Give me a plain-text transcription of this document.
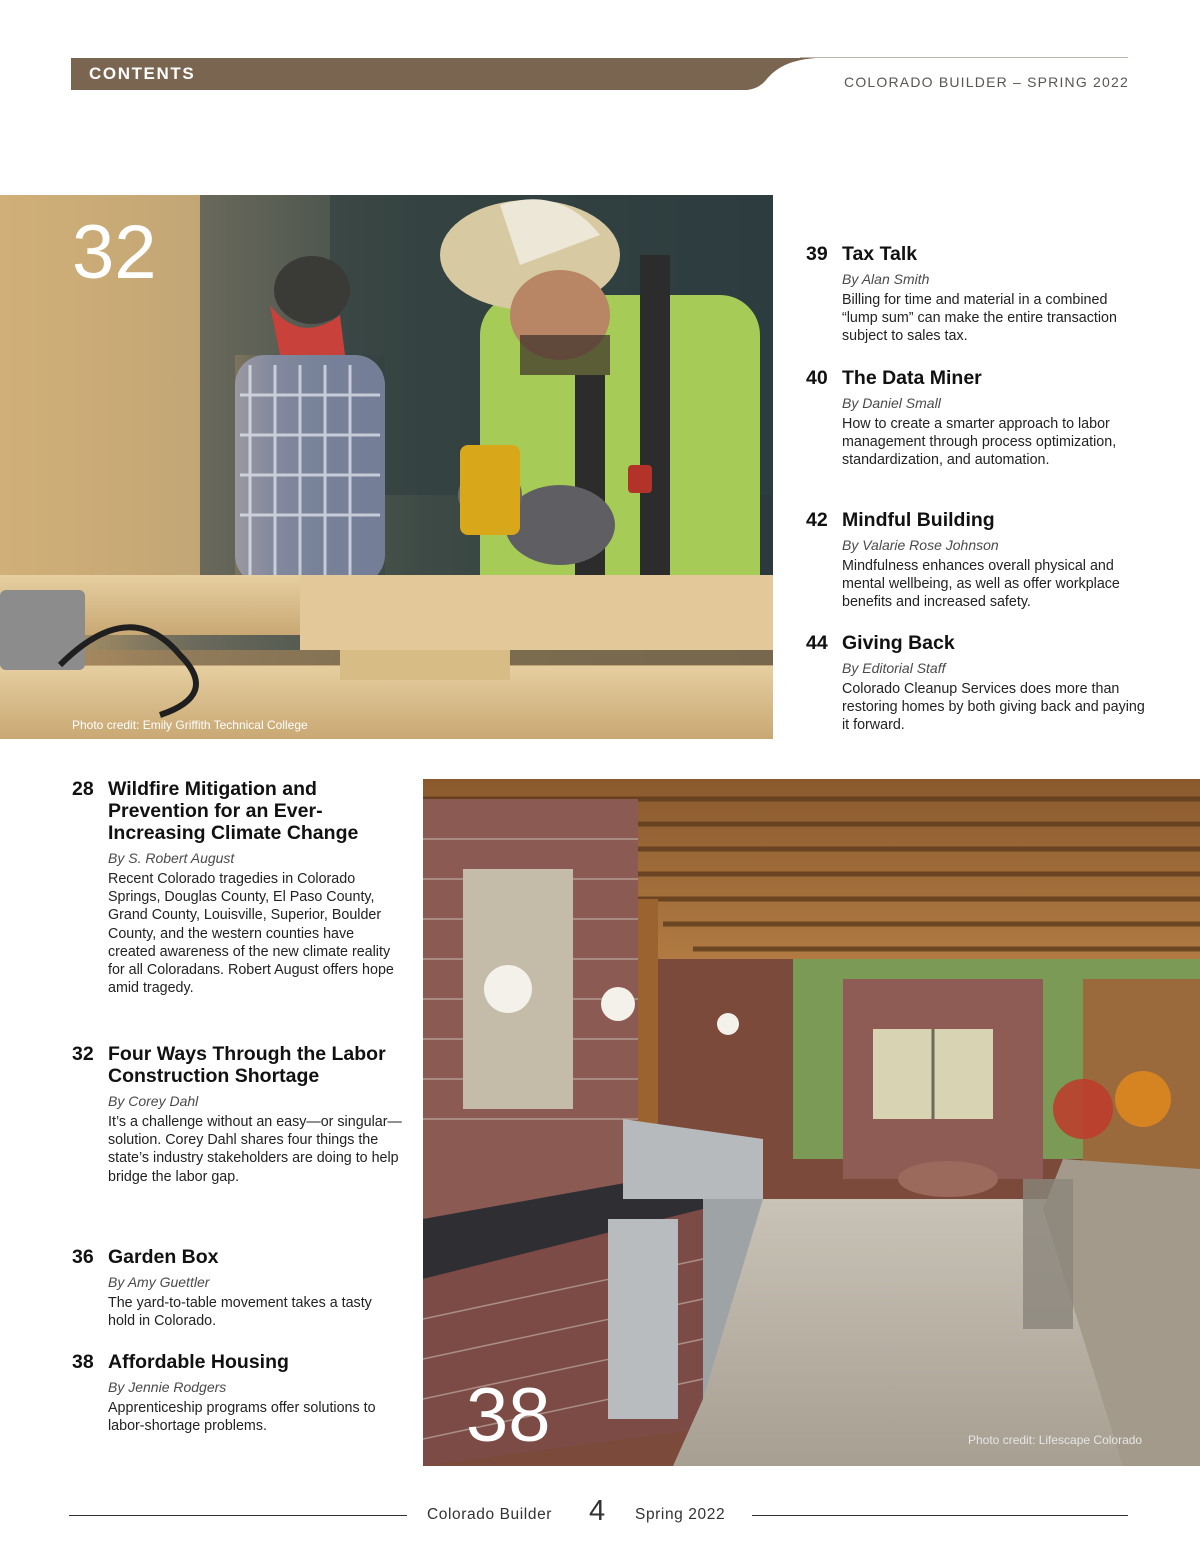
CONTENTS	COLORADO BUILDER – SPRING 2022
32
Photo credit: Emily Griffith Technical College
38	Photo credit: Lifescape Colorado
39 Tax Talk
By Alan Smith
Billing for time and material in a combined “lump sum” can make the entire transaction subject to sales tax.
40 The Data Miner
By Daniel Small
How to create a smarter approach to labor management through process optimization, standardization, and automation.
42 Mindful Building
By Valarie Rose Johnson
Mindfulness enhances overall physical and mental wellbeing, as well as offer workplace benefits and increased safety.
44 Giving Back
By Editorial Staff
Colorado Cleanup Services does more than restoring homes by both giving back and paying it forward.
28 Wildfire Mitigation and Prevention for an Ever-Increasing Climate Change
By S. Robert August
Recent Colorado tragedies in Colorado Springs, Douglas County, El Paso County, Grand County, Louisville, Superior, Boulder County, and the western counties have created awareness of the new climate reality for all Coloradans. Robert August offers hope amid tragedy.
32 Four Ways Through the Labor Construction Shortage
By Corey Dahl
It’s a challenge without an easy—or singular—solution. Corey Dahl shares four things the state’s industry stakeholders are doing to help bridge the labor gap.
36 Garden Box
By Amy Guettler
The yard-to-table movement takes a tasty hold in Colorado.
38 Affordable Housing
By Jennie Rodgers
Apprenticeship programs offer solutions to labor-shortage problems.
Colorado Builder 4 Spring 2022
